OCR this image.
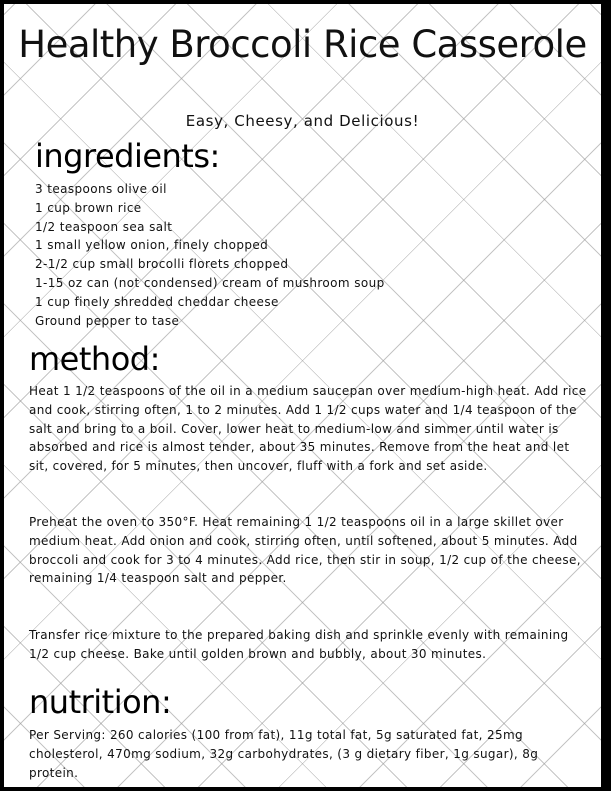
Healthy Broccoli Rice Casserole
Easy, Cheesy, and Delicious!
ingredients:
3 teaspoons olive oil
1 cup brown rice
1/2 teaspoon sea salt
1 small yellow onion, finely chopped
2-1/2 cup small brocolli florets chopped
1-15 oz can (not condensed) cream of mushroom soup
1 cup finely shredded cheddar cheese
Ground pepper to tase
method:

Heat 1 1/2 teaspoons of the oil in a medium saucepan over medium-high heat. Add rice and cook, stirring often, 1 to 2 minutes. Add 1 1/2 cups water and 1/4 teaspoon of the salt and bring to a boil. Cover, lower heat to medium-low and simmer until water is absorbed and rice is almost tender, about 35 minutes. Remove from the heat and let sit, covered, for 5 minutes, then uncover, fluff with a fork and set aside.

Preheat the oven to 350°F. Heat remaining 1 1/2 teaspoons oil in a large skillet over medium heat. Add onion and cook, stirring often, until softened, about 5 minutes. Add broccoli and cook for 3 to 4 minutes. Add rice, then stir in soup, 1/2 cup of the cheese, remaining 1/4 teaspoon salt and pepper.

Transfer rice mixture to the prepared baking dish and sprinkle evenly with remaining 1/2 cup cheese. Bake until golden brown and bubbly, about 30 minutes.

nutrition:

Per Serving: 260 calories (100 from fat), 11g total fat, 5g saturated fat, 25mg cholesterol, 470mg sodium, 32g carbohydrates, (3 g dietary fiber, 1g sugar), 8g protein.
